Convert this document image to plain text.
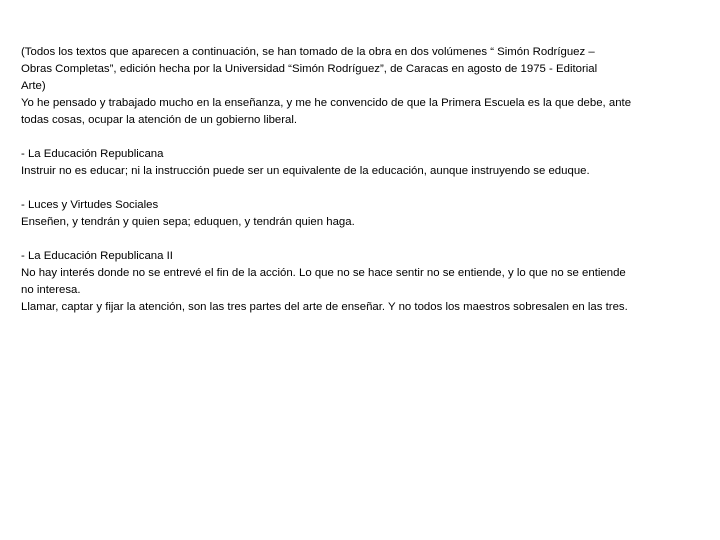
(Todos los textos que aparecen a continuación, se han tomado de la obra en dos volúmenes “ Simón Rodríguez –
Obras Completas”, edición hecha por la Universidad “Simón Rodríguez”, de Caracas en agosto de 1975 - Editorial
Arte)
Yo he pensado y trabajado mucho en la enseñanza, y me he convencido de que la Primera Escuela es la que debe, ante
todas cosas, ocupar la atención de un gobierno liberal.

- La Educación Republicana
Instruir no es educar; ni la instrucción puede ser un equivalente de la educación, aunque instruyendo se eduque.

- Luces y Virtudes Sociales
Enseñen, y tendrán y quien sepa; eduquen, y tendrán quien haga.

- La Educación Republicana II
No hay interés donde no se entrevé el fin de la acción. Lo que no se hace sentir no se entiende, y lo que no se entiende
no interesa.
Llamar, captar y fijar la atención, son las tres partes del arte de enseñar. Y no todos los maestros sobresalen en las tres.
